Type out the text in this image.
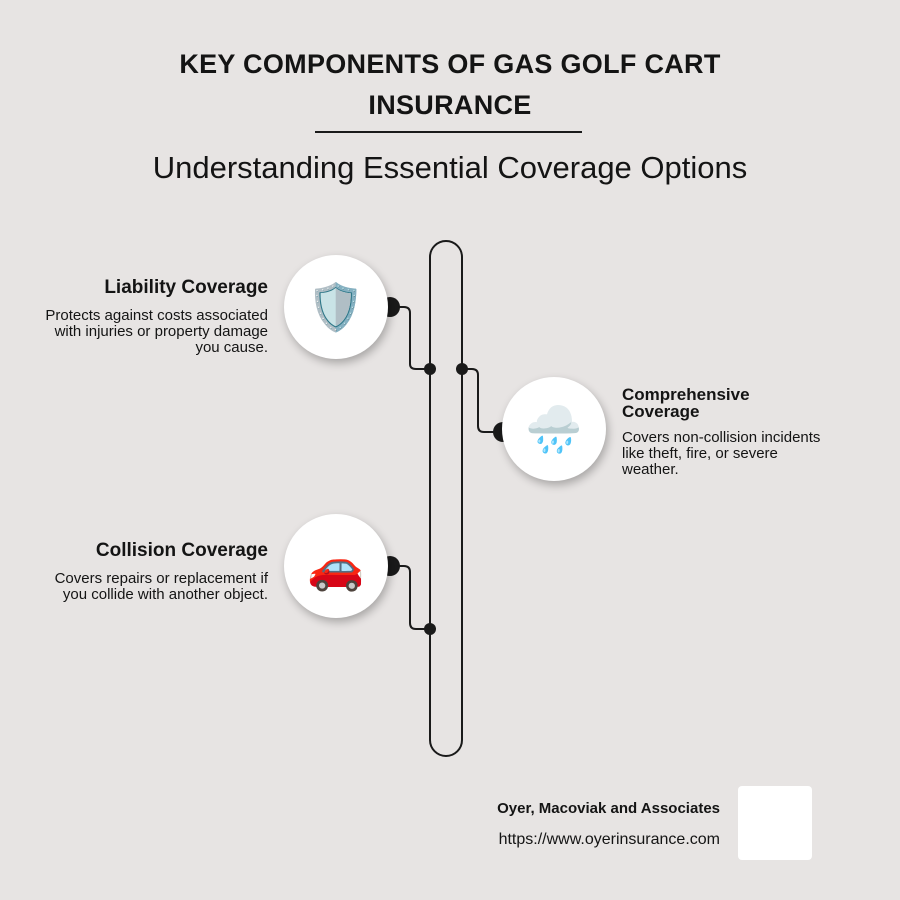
KEY COMPONENTS OF GAS GOLF CART INSURANCE
Understanding Essential Coverage Options
🛡️
Liability Coverage

Protects against costs associated with injuries or property damage you cause.

🌧️
Comprehensive Coverage

Covers non-collision incidents like theft, fire, or severe weather.

🚗
Collision Coverage

Covers repairs or replacement if you collide with another object.

Oyer, Macoviak and Associates
https://www.oyerinsurance.com
